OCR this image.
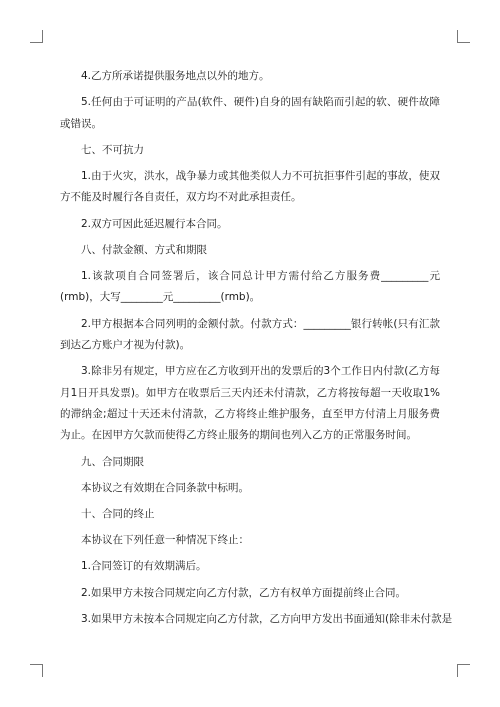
4.乙方所承诺提供服务地点以外的地方。

5.任何由于可证明的产品(软件、硬件)自身的固有缺陷而引起的软、硬件故障或错误。

七、不可抗力

1.由于火灾，洪水，战争暴力或其他类似人力不可抗拒事件引起的事故，使双方不能及时履行各自责任，双方均不对此承担责任。

2.双方可因此延迟履行本合同。

八、付款金额、方式和期限

1.该款项自合同签署后，该合同总计甲方需付给乙方服务费_________元(rmb)，大写________元_________(rmb)。

2.甲方根据本合同列明的金额付款。付款方式：_________银行转帐(只有汇款到达乙方账户才视为付款)。

3.除非另有规定，甲方应在乙方收到开出的发票后的3个工作日内付款(乙方每月1日开具发票)。如甲方在收票后三天内还未付清款，乙方将按每超一天收取1%的滞纳金;超过十天还未付清款，乙方将终止维护服务，直至甲方付清上月服务费为止。在因甲方欠款而使得乙方终止服务的期间也列入乙方的正常服务时间。

九、合同期限

本协议之有效期在合同条款中标明。

十、合同的终止

本协议在下列任意一种情况下终止：

1.合同签订的有效期满后。

2.如果甲方未按合同规定向乙方付款，乙方有权单方面提前终止合同。

3.如果甲方未按本合同规定向乙方付款，乙方向甲方发出书面通知(除非未付款是
